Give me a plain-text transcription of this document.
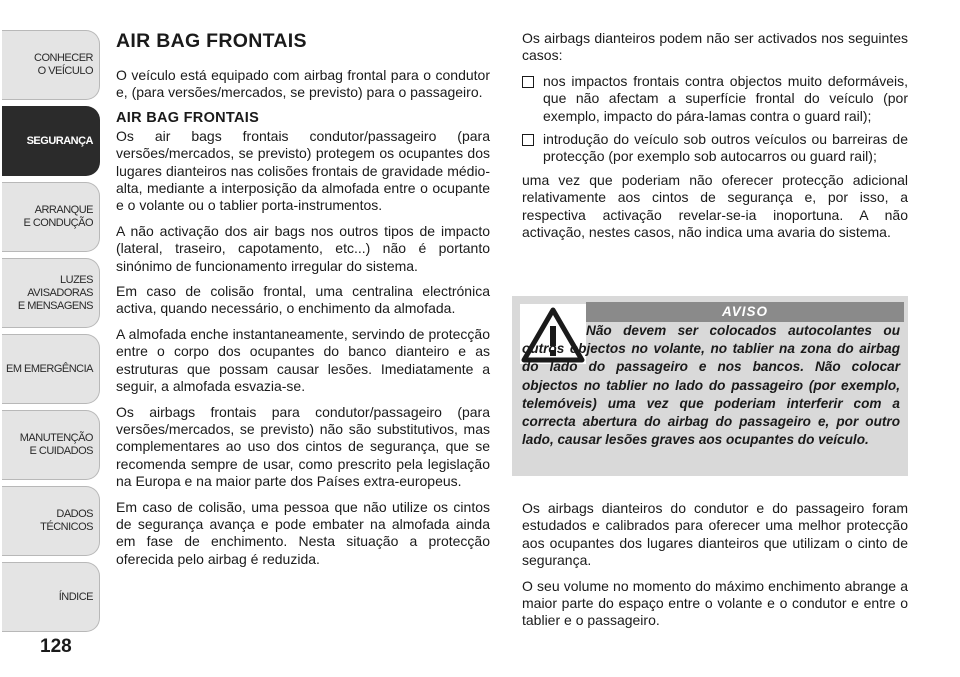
CONHECER
O VEÍCULO
SEGURANÇA
ARRANQUE
E CONDUÇÃO
LUZES AVISADORAS
E MENSAGENS
EM EMERGÊNCIA
MANUTENÇÃO
E CUIDADOS
DADOS TÉCNICOS
ÍNDICE
128
AIR BAG FRONTAIS

O veículo está equipado com airbag frontal para o condutor e, (para versões/mercados, se previsto) para o passageiro.

AIR BAG FRONTAIS

Os air bags frontais condutor/passageiro (para versões/mercados, se previsto) protegem os ocupantes dos lugares dianteiros nas colisões frontais de gravidade médio-alta, mediante a interposição da almofada entre o ocupante e o volante ou o tablier porta-instrumentos.

A não activação dos air bags nos outros tipos de impacto (lateral, traseiro, capotamento, etc...) não é portanto sinónimo de funcionamento irregular do sistema.

Em caso de colisão frontal, uma centralina electrónica activa, quando necessário, o enchimento da almofada.

A almofada enche instantaneamente, servindo de protecção entre o corpo dos ocupantes do banco dianteiro e as estruturas que possam causar lesões. Imediatamente a seguir, a almofada esvazia-se.

Os airbags frontais para condutor/passageiro (para versões/mercados, se previsto) não são substitutivos, mas complementares ao uso dos cintos de segurança, que se recomenda sempre de usar, como prescrito pela legislação na Europa e na maior parte dos Países extra-europeus.

Em caso de colisão, uma pessoa que não utilize os cintos de segurança avança e pode embater na almofada ainda em fase de enchimento. Nesta situação a protecção oferecida pelo airbag é reduzida.

Os airbags dianteiros podem não ser activados nos seguintes casos:

nos impactos frontais contra objectos muito deformáveis, que não afectam a superfície frontal do veículo (por exemplo, impacto do pára-lamas contra o guard rail);

introdução do veículo sob outros veículos ou barreiras de protecção (por exemplo sob autocarros ou guard rail);

uma vez que poderiam não oferecer protecção adicional relativamente aos cintos de segurança e, por isso, a respectiva activação revelar-se-ia inoportuna. A não activação, nestes casos, não indica uma avaria do sistema.

AVISO
Não devem ser colocados autocolantes ou outros objectos no volante, no tablier na zona do airbag do lado do passageiro e nos bancos. Não colocar objectos no tablier no lado do passageiro (por exemplo, telemóveis) uma vez que poderiam interferir com a correcta abertura do airbag do passageiro e, por outro lado, causar lesões graves aos ocupantes do veículo.

Os airbags dianteiros do condutor e do passageiro foram estudados e calibrados para oferecer uma melhor protecção aos ocupantes dos lugares dianteiros que utilizam o cinto de segurança.

O seu volume no momento do máximo enchimento abrange a maior parte do espaço entre o volante e o condutor e entre o tablier e o passageiro.
